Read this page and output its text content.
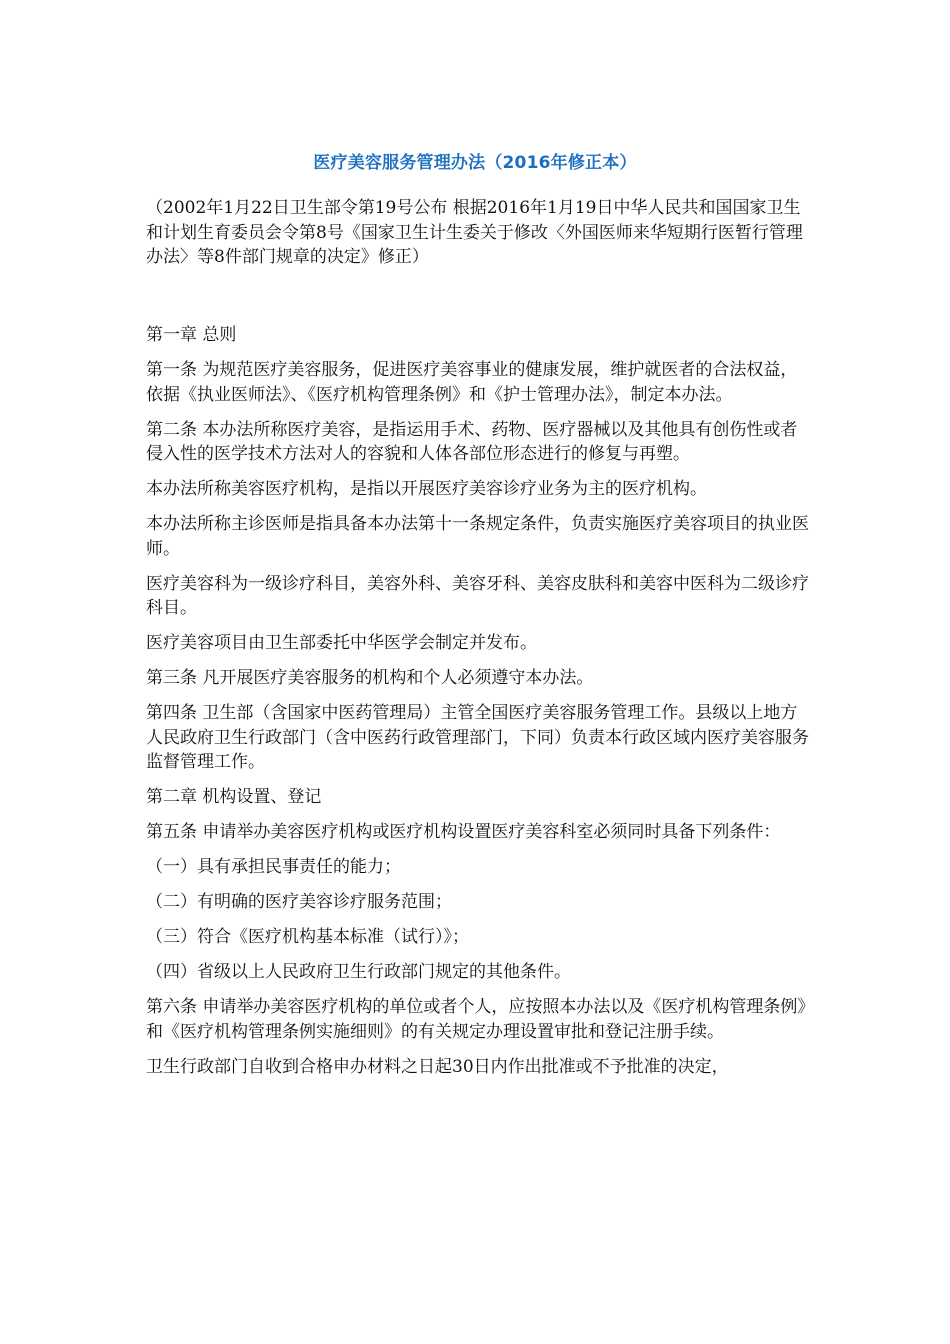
医疗美容服务管理办法（2016年修正本）

（2002年1月22日卫生部令第19号公布 根据2016年1月19日中华人民共和国国家卫生和计划生育委员会令第8号《国家卫生计生委关于修改〈外国医师来华短期行医暂行管理办法〉等8件部门规章的决定》修正）

第一章 总则

第一条 为规范医疗美容服务，促进医疗美容事业的健康发展，维护就医者的合法权益，依据《执业医师法》、《医疗机构管理条例》和《护士管理办法》，制定本办法。

第二条 本办法所称医疗美容，是指运用手术、药物、医疗器械以及其他具有创伤性或者侵入性的医学技术方法对人的容貌和人体各部位形态进行的修复与再塑。

本办法所称美容医疗机构，是指以开展医疗美容诊疗业务为主的医疗机构。

本办法所称主诊医师是指具备本办法第十一条规定条件，负责实施医疗美容项目的执业医师。

医疗美容科为一级诊疗科目，美容外科、美容牙科、美容皮肤科和美容中医科为二级诊疗科目。

医疗美容项目由卫生部委托中华医学会制定并发布。

第三条 凡开展医疗美容服务的机构和个人必须遵守本办法。

第四条 卫生部（含国家中医药管理局）主管全国医疗美容服务管理工作。县级以上地方人民政府卫生行政部门（含中医药行政管理部门，下同）负责本行政区域内医疗美容服务监督管理工作。

第二章 机构设置、登记

第五条 申请举办美容医疗机构或医疗机构设置医疗美容科室必须同时具备下列条件：

（一）具有承担民事责任的能力；

（二）有明确的医疗美容诊疗服务范围；

（三）符合《医疗机构基本标准（试行）》；

（四）省级以上人民政府卫生行政部门规定的其他条件。

第六条 申请举办美容医疗机构的单位或者个人，应按照本办法以及《医疗机构管理条例》和《医疗机构管理条例实施细则》的有关规定办理设置审批和登记注册手续。

卫生行政部门自收到合格申办材料之日起30日内作出批准或不予批准的决定，
